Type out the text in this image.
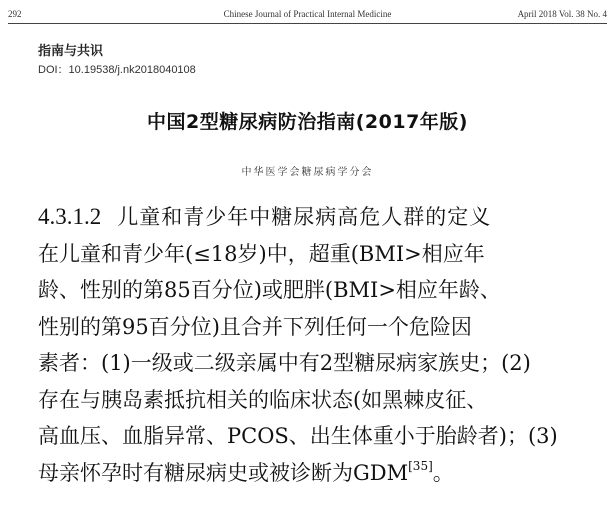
292	Chinese Journal of Practical Internal Medicine	April 2018 Vol. 38 No. 4
指南与共识
DOI：10.19538/j.nk2018040108
中国2型糖尿病防治指南(2017年版)
中华医学会糖尿病学分会
4.3.1.2 儿童和青少年中糖尿病高危人群的定义
在儿童和青少年(≤18岁)中，超重(BMI>相应年
龄、性别的第85百分位)或肥胖(BMI>相应年龄、
性别的第95百分位)且合并下列任何一个危险因
素者：(1)一级或二级亲属中有2型糖尿病家族史；(2)
存在与胰岛素抵抗相关的临床状态(如黑棘皮征、
高血压、血脂异常、PCOS、出生体重小于胎龄者)；(3)
母亲怀孕时有糖尿病史或被诊断为GDM[35]。
